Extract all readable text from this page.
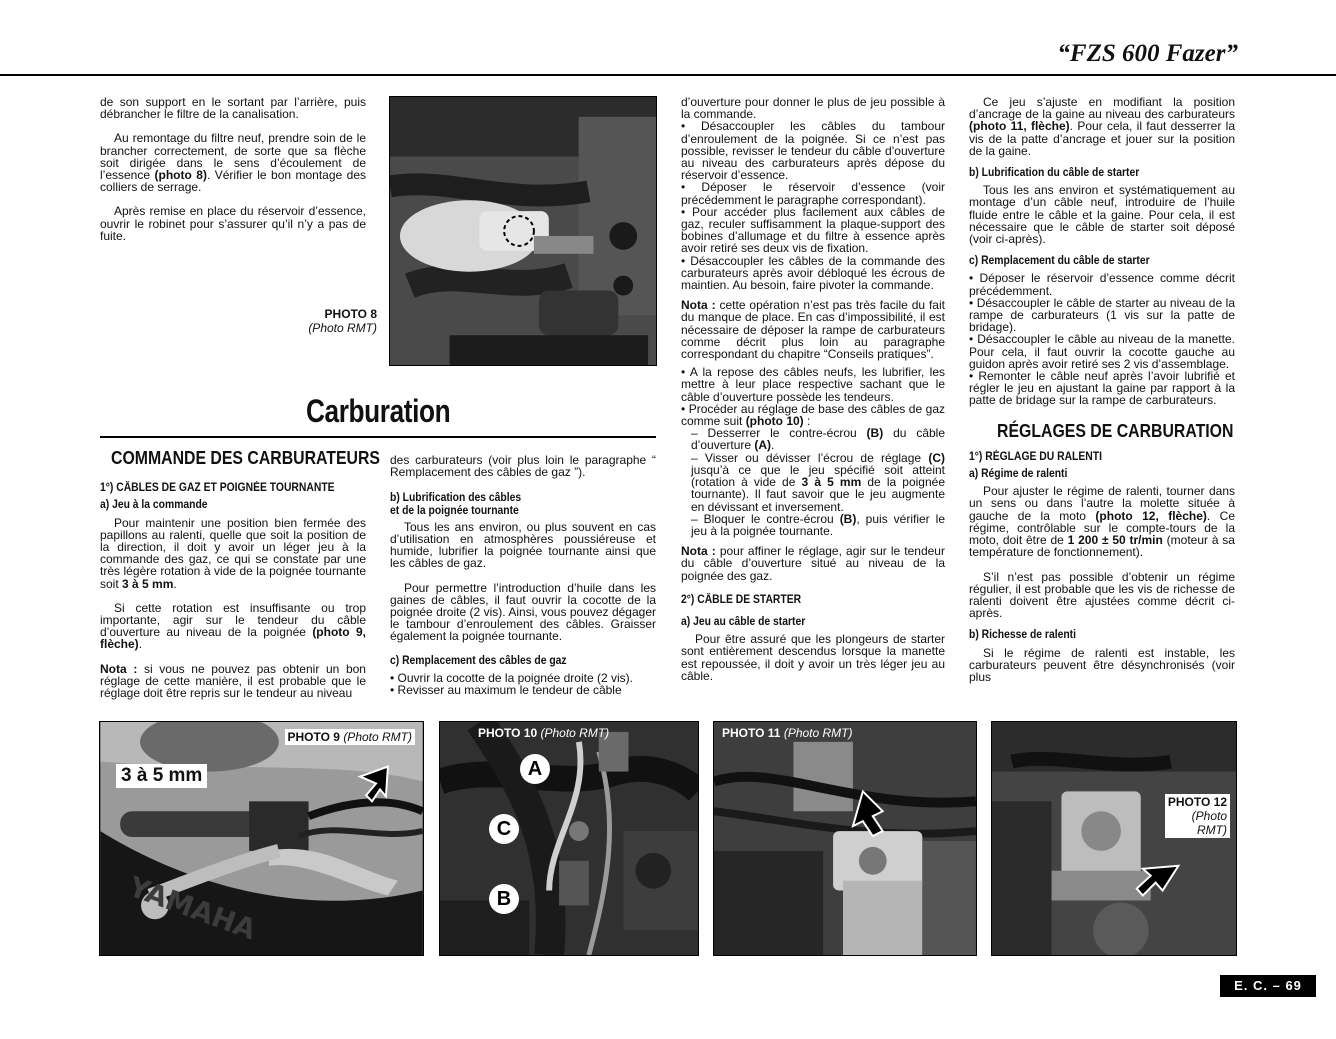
“FZS 600 Fazer”

de son support en le sortant par l’arrière, puis débrancher le filtre de la canalisation.

Au remontage du filtre neuf, prendre soin de le brancher correctement, de sorte que sa flèche soit dirigée dans le sens d’écoulement de l’essence (photo 8). Vérifier le bon montage des colliers de serrage.

Après remise en place du réservoir d’essence, ouvrir le robinet pour s’assurer qu’il n’y a pas de fuite.

PHOTO 8
(Photo RMT)

d’ouverture pour donner le plus de jeu possible à la commande.

• Désaccoupler les câbles du tambour d’enroulement de la poignée. Si ce n’est pas possible, revisser le tendeur du câble d’ouverture au niveau des carburateurs après dépose du réservoir d’essence.

• Déposer le réservoir d’essence (voir précédemment le paragraphe correspondant).

• Pour accéder plus facilement aux câbles de gaz, reculer suffisamment la plaque-support des bobines d’allumage et du filtre à essence après avoir retiré ses deux vis de fixation.

• Désaccoupler les câbles de la commande des carburateurs après avoir débloqué les écrous de maintien. Au besoin, faire pivoter la commande.

Nota : cette opération n’est pas très facile du fait du manque de place. En cas d’impossibilité, il est nécessaire de déposer la rampe de carburateurs comme décrit plus loin au paragraphe correspondant du chapitre “Conseils pratiques”.

• A la repose des câbles neufs, les lubrifier, les mettre à leur place respective sachant que le câble d’ouverture possède les tendeurs.

• Procéder au réglage de base des câbles de gaz comme suit (photo 10) :

– Desserrer le contre-écrou (B) du câble d’ouverture (A).

– Visser ou dévisser l’écrou de réglage (C) jusqu’à ce que le jeu spécifié soit atteint (rotation à vide de 3 à 5 mm de la poignée tournante). Il faut savoir que le jeu augmente en dévissant et inversement.

– Bloquer le contre-écrou (B), puis vérifier le jeu à la poignée tournante.

Nota : pour affiner le réglage, agir sur le tendeur du câble d’ouverture situé au niveau de la poignée des gaz.

2°) CÂBLE DE STARTER
a) Jeu au câble de starter

Pour être assuré que les plongeurs de starter sont entièrement descendus lorsque la manette est repoussée, il doit y avoir un très léger jeu au câble.

Ce jeu s’ajuste en modifiant la position d’ancrage de la gaine au niveau des carburateurs (photo 11, flèche). Pour cela, il faut desserrer la vis de la patte d’ancrage et jouer sur la position de la gaine.

b) Lubrification du câble de starter

Tous les ans environ et systématiquement au montage d’un câble neuf, introduire de l’huile fluide entre le câble et la gaine. Pour cela, il est nécessaire que le câble de starter soit déposé (voir ci-après).

c) Remplacement du câble de starter

• Déposer le réservoir d’essence comme décrit précédemment.

• Désaccoupler le câble de starter au niveau de la rampe de carburateurs (1 vis sur la patte de bridage).

• Désaccoupler le câble au niveau de la manette. Pour cela, il faut ouvrir la cocotte gauche au guidon après avoir retiré ses 2 vis d’assemblage.

• Remonter le câble neuf après l’avoir lubrifié et régler le jeu en ajustant la gaine par rapport à la patte de bridage sur la rampe de carburateurs.

RÉGLAGES DE CARBURATION
1°) RÉGLAGE DU RALENTI
a) Régime de ralenti

Pour ajuster le régime de ralenti, tourner dans un sens ou dans l’autre la molette située à gauche de la moto (photo 12, flèche). Ce régime, contrôlable sur le compte-tours de la moto, doit être de 1 200 ± 50 tr/min (moteur à sa température de fonctionnement).

S’il n’est pas possible d’obtenir un régime régulier, il est probable que les vis de richesse de ralenti doivent être ajustées comme décrit ci-après.

b) Richesse de ralenti

Si le régime de ralenti est instable, les carburateurs peuvent être désynchronisés (voir plus

Carburation
COMMANDE DES CARBURATEURS
1°) CÂBLES DE GAZ ET POIGNÉE TOURNANTE
a) Jeu à la commande

Pour maintenir une position bien fermée des papillons au ralenti, quelle que soit la position de la direction, il doit y avoir un léger jeu à la commande des gaz, ce qui se constate par une très légère rotation à vide de la poignée tournante soit 3 à 5 mm.

Si cette rotation est insuffisante ou trop importante, agir sur le tendeur du câble d’ouverture au niveau de la poignée (photo 9, flèche).

Nota : si vous ne pouvez pas obtenir un bon réglage de cette manière, il est probable que le réglage doit être repris sur le tendeur au niveau

des carburateurs (voir plus loin le paragraphe “ Remplacement des câbles de gaz ”).

b) Lubrification des câbles
et de la poignée tournante

Tous les ans environ, ou plus souvent en cas d’utilisation en atmosphères poussiéreuse et humide, lubrifier la poignée tournante ainsi que les câbles de gaz.

Pour permettre l’introduction d’huile dans les gaines de câbles, il faut ouvrir la cocotte de la poignée droite (2 vis). Ainsi, vous pouvez dégager le tambour d’enroulement des câbles. Graisser également la poignée tournante.

c) Remplacement des câbles de gaz

• Ouvrir la cocotte de la poignée droite (2 vis).

• Revisser au maximum le tendeur de câble

YAMAHA
3 à 5 mm
PHOTO 9 (Photo RMT)
A
C
B
PHOTO 10 (Photo RMT)	PHOTO 11 (Photo RMT)
PHOTO 12
(Photo
RMT)
E. C. – 69
